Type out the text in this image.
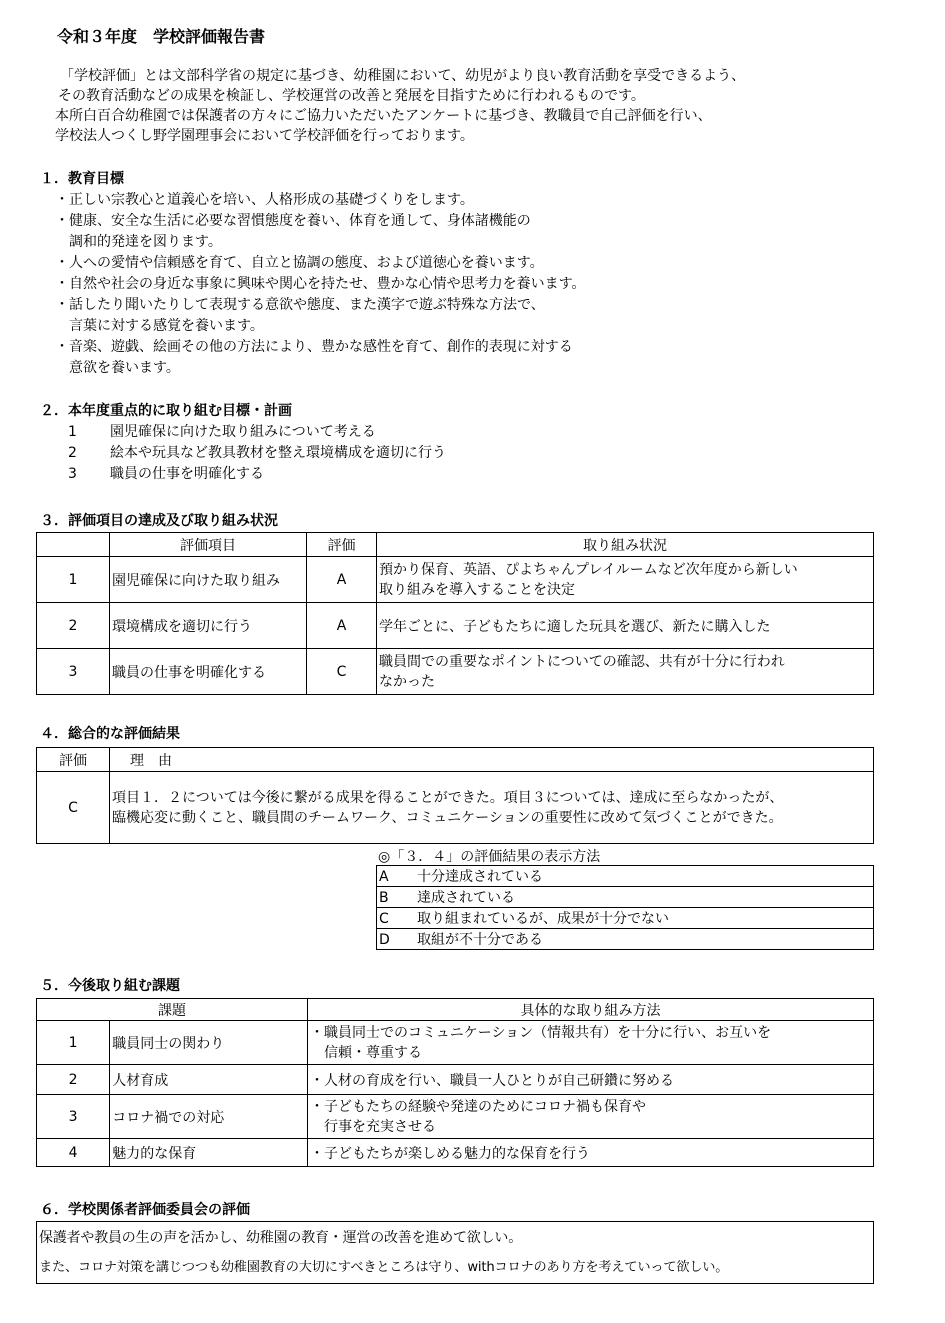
令和３年度　学校評価報告書
「学校評価」とは文部科学省の規定に基づき、幼稚園において、幼児がより良い教育活動を享受できるよう、
その教育活動などの成果を検証し、学校運営の改善と発展を目指すために行われるものです。
本所白百合幼稚園では保護者の方々にご協力いただいたアンケートに基づき、教職員で自己評価を行い、
学校法人つくし野学園理事会において学校評価を行っております。
１．教育目標
・正しい宗教心と道義心を培い、人格形成の基礎づくりをします。
・健康、安全な生活に必要な習慣態度を養い、体育を通して、身体諸機能の
　調和的発達を図ります。
・人への愛情や信頼感を育て、自立と協調の態度、および道徳心を養います。
・自然や社会の身近な事象に興味や関心を持たせ、豊かな心情や思考力を養います。
・話したり聞いたりして表現する意欲や態度、また漢字で遊ぶ特殊な方法で、
　言葉に対する感覚を養います。
・音楽、遊戯、絵画その他の方法により、豊かな感性を育て、創作的表現に対する
　意欲を養います。
２．本年度重点的に取り組む目標・計画
1 園児確保に向けた取り組みについて考える
2 絵本や玩具など教具教材を整え環境構成を適切に行う
3 職員の仕事を明確化する
３．評価項目の達成及び取り組み状況
	評価項目	評価	取り組み状況
1	園児確保に向けた取り組み	A	預かり保育、英語、ぴよちゃんプレイルームなど次年度から新しい
取り組みを導入することを決定

2	環境構成を適切に行う	A	学年ごとに、子どもたちに適した玩具を選び、新たに購入した
3	職員の仕事を明確化する	C	職員間での重要なポイントについての確認、共有が十分に行われ
なかった
４．総合的な評価結果
評価	理　由
C	項目１．２については今後に繋がる成果を得ることができた。項目３については、達成に至らなかったが、
臨機応変に動くこと、職員間のチームワーク、コミュニケーションの重要性に改めて気づくことができた。
◎「３．４」の評価結果の表示方法
A 十分達成されている
B 達成されている
C 取り組まれているが、成果が十分でない
D 取組が不十分である
５．今後取り組む課題
課題		具体的な取り組み方法
1	職員同士の関わり	・職員同士でのコミュニケーション（情報共有）を十分に行い、お互いを
　信頼・尊重する

2	人材育成	・人材の育成を行い、職員一人ひとりが自己研鑽に努める
3	コロナ禍での対応	・子どもたちの経験や発達のためにコロナ禍も保育や
　行事を充実させる

4	魅力的な保育	・子どもたちが楽しめる魅力的な保育を行う
６．学校関係者評価委員会の評価
保護者や教員の生の声を活かし、幼稚園の教育・運営の改善を進めて欲しい。
また、コロナ対策を講じつつも幼稚園教育の大切にすべきところは守り、withコロナのあり方を考えていって欲しい。
